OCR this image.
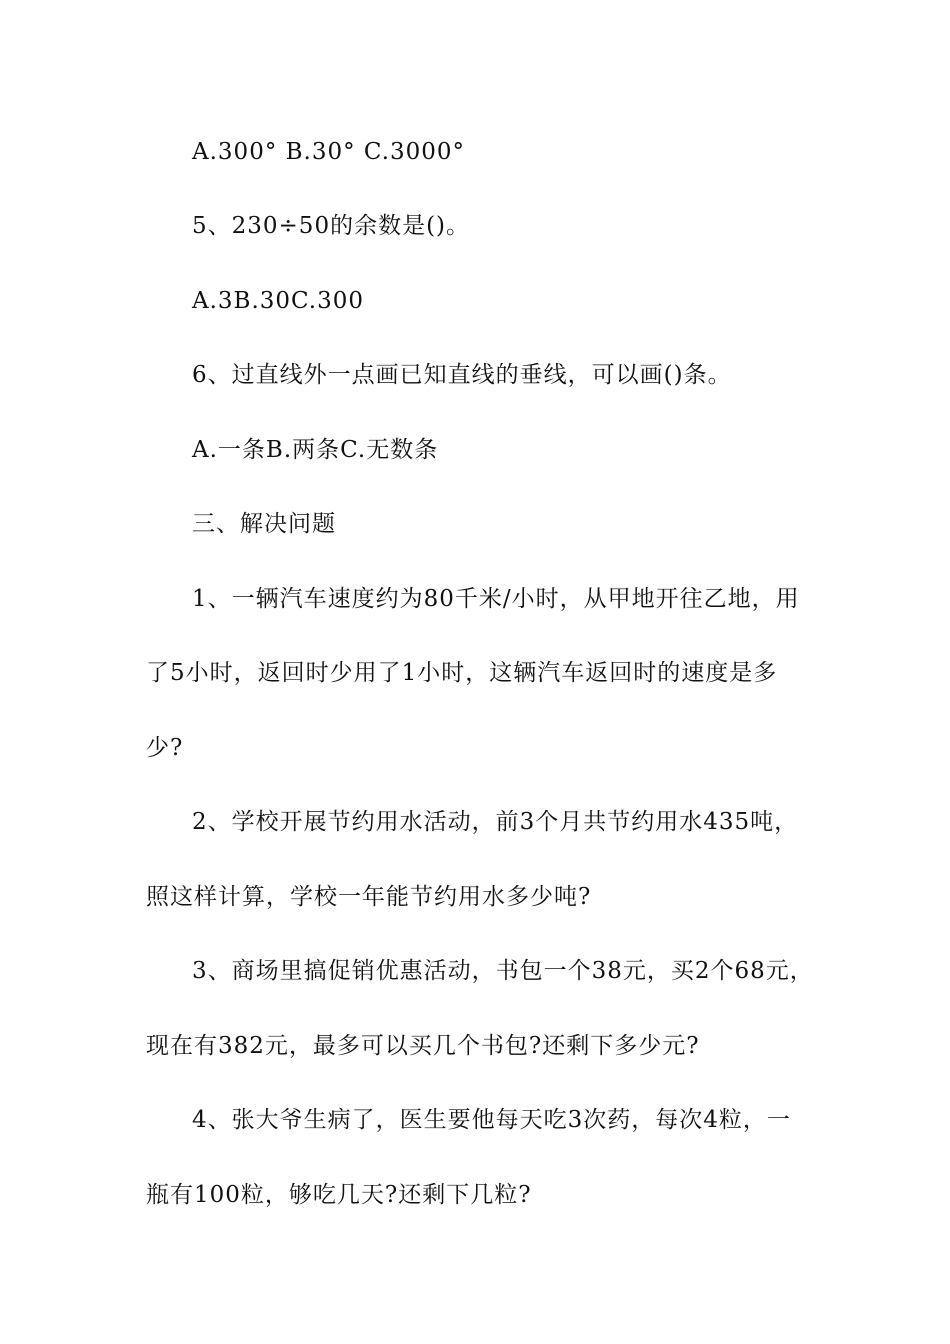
A.300° B.30° C.3000°
5、230÷50的余数是()。
A.3B.30C.300
6、过直线外一点画已知直线的垂线，可以画()条。
A.一条B.两条C.无数条
三、解决问题
1、一辆汽车速度约为80千米/小时，从甲地开往乙地，用
了5小时，返回时少用了1小时，这辆汽车返回时的速度是多
少?
2、学校开展节约用水活动，前3个月共节约用水435吨，
照这样计算，学校一年能节约用水多少吨?
3、商场里搞促销优惠活动，书包一个38元，买2个68元，
现在有382元，最多可以买几个书包?还剩下多少元?
4、张大爷生病了，医生要他每天吃3次药，每次4粒，一
瓶有100粒，够吃几天?还剩下几粒?
